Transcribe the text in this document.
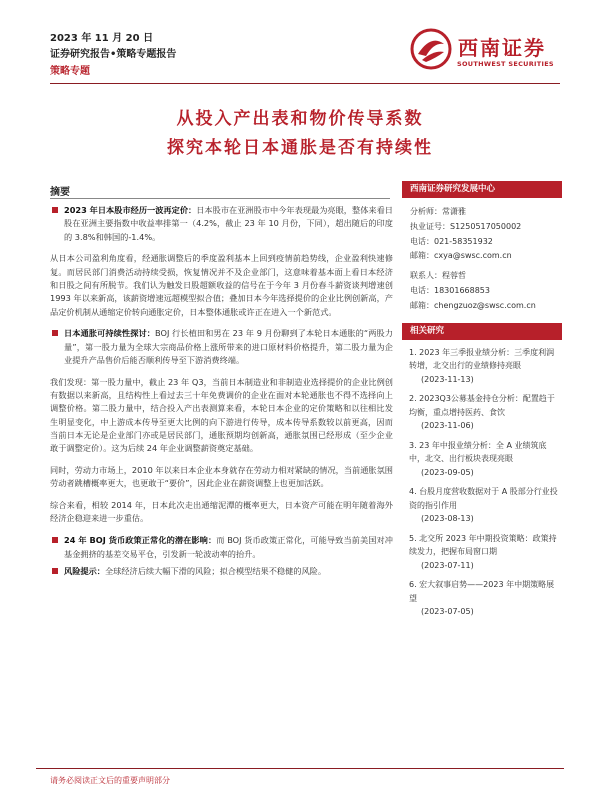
2023 年 11 月 20 日
证券研究报告•策略专题报告
策略专题
西南证券
SOUTHWEST SECURITIES
从投入产出表和物价传导系数
探究本轮日本通胀是否有持续性
摘要
2023 年日本股市经历一波再定价：日本股市在亚洲股市中今年表现最为亮眼，整体来看日股在亚洲主要指数中收益率排第一（4.2%，截止 23 年 10 月份，下同），超出随后的印度的 3.8%和韩国的-1.4%。
从日本公司盈利角度看，经通胀调整后的季度盈利基本上回到疫情前趋势线，企业盈利快速修复。而居民部门消费活动持续受损，恢复情况并不及企业部门，这意味着基本面上看日本经济和日股之间有所脱节。我们认为触发日股超额收益的信号在于今年 3 月份春斗薪资谈判增速创 1993 年以来新高，该薪资增速远超模型拟合值；叠加日本今年选择提价的企业比例创新高，产品定价机制从通缩定价转向通胀定价，日本整体通胀或许正在进入一个新范式。
日本通胀可持续性探讨：BOJ 行长植田和男在 23 年 9 月份聊到了本轮日本通胀的“两股力量”，第一股力量为全球大宗商品价格上涨所带来的进口原材料价格提升，第二股力量为企业提升产品售价后能否顺利传导至下游消费终端。
我们发现：第一股力量中，截止 23 年 Q3，当前日本制造业和非制造业选择提价的企业比例创有数据以来新高，且结构性上看过去三十年免费调价的企业在面对本轮通胀也不得不选择向上调整价格。第二股力量中，结合投入产出表测算来看，本轮日本企业的定价策略和以往相比发生明显变化，中上游成本传导至更大比例的向下游进行传导，成本传导系数较以前更高，因而当前日本无论是企业部门亦或是居民部门，通胀预期均创新高，通胀氛围已经形成（至少企业敢于调整定价）。这为后续 24 年企业调整薪资奠定基础。
同时，劳动力市场上，2010 年以来日本企业本身就存在劳动力相对紧缺的情况，当前通胀氛围劳动者跳槽概率更大，也更敢于“要价”，因此企业在薪资调整上也更加活跃。
综合来看，相较 2014 年，日本此次走出通缩泥潭的概率更大，日本资产可能在明年随着海外经济企稳迎来进一步重估。
24 年 BOJ 货币政策正常化的潜在影响：而 BOJ 货币政策正常化，可能导致当前美国对冲基金拥挤的基差交易平仓，引发新一轮波动率的抬升。
风险提示：全球经济后续大幅下滑的风险；拟合模型结果不稳健的风险。
西南证券研究发展中心
分析师：常潇雅
执业证号：S1250517050002
电话：021-58351932
邮箱：cxya@swsc.com.cn
联系人：程蓉哲
电话：18301668853
邮箱：chengzuoz@swsc.com.cn
相关研究
1. 2023 年三季报业绩分析：三季度利润转增，北交出行的业绩修持亮眼
(2023-11-13)
2. 2023Q3公募基金持仓分析：配置趋于均衡，重点增持医药、食饮
(2023-11-06)
3. 23 年中报业绩分析：全 A 业绩筑底中，北交、出行板块表现亮眼
(2023-09-05)
4. 台股月度营收数据对于 A 股部分行业投资的指引作用
(2023-08-13)
5. 北交所 2023 年中期投资策略：政策持续发力，把握布局窗口期
(2023-07-11)
6. 宏大叙事启势——2023 年中期策略展望
(2023-07-05)
请务必阅读正文后的重要声明部分
